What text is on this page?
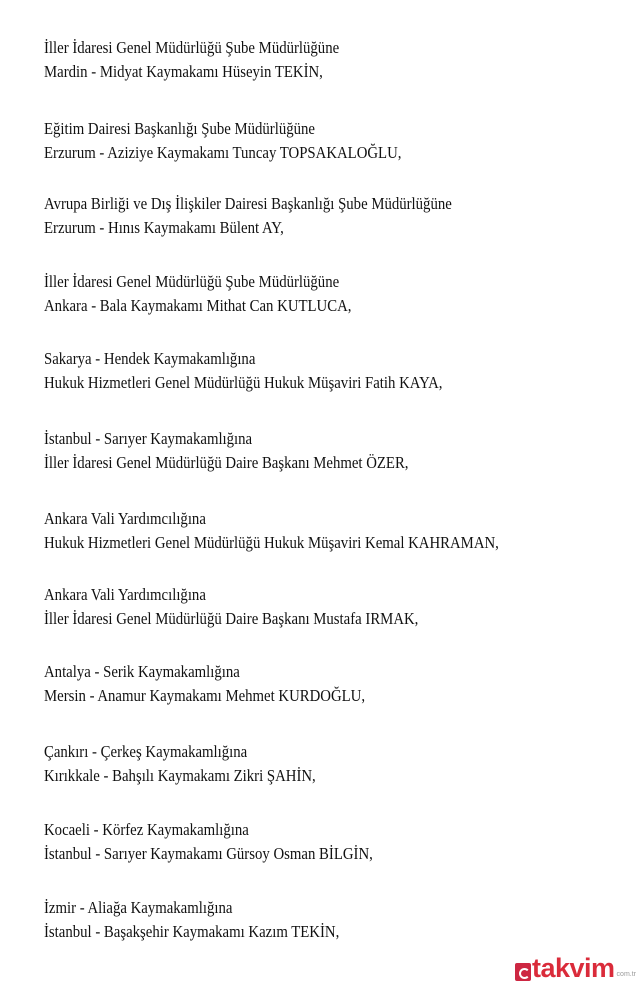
İller İdaresi Genel Müdürlüğü Şube Müdürlüğüne
Mardin - Midyat Kaymakamı Hüseyin TEKİN,
Eğitim Dairesi Başkanlığı Şube Müdürlüğüne
Erzurum - Aziziye Kaymakamı Tuncay TOPSAKALOĞLU,
Avrupa Birliği ve Dış İlişkiler Dairesi Başkanlığı Şube Müdürlüğüne
Erzurum - Hınıs Kaymakamı Bülent AY,
İller İdaresi Genel Müdürlüğü Şube Müdürlüğüne
Ankara - Bala Kaymakamı Mithat Can KUTLUCA,
Sakarya - Hendek Kaymakamlığına
Hukuk Hizmetleri Genel Müdürlüğü Hukuk Müşaviri Fatih KAYA,
İstanbul - Sarıyer Kaymakamlığına
İller İdaresi Genel Müdürlüğü Daire Başkanı Mehmet ÖZER,
Ankara Vali Yardımcılığına
Hukuk Hizmetleri Genel Müdürlüğü Hukuk Müşaviri Kemal KAHRAMAN,
Ankara Vali Yardımcılığına
İller İdaresi Genel Müdürlüğü Daire Başkanı Mustafa IRMAK,
Antalya - Serik Kaymakamlığına
Mersin - Anamur Kaymakamı Mehmet KURDOĞLU,
Çankırı - Çerkeş Kaymakamlığına
Kırıkkale - Bahşılı Kaymakamı Zikri ŞAHİN,
Kocaeli - Körfez Kaymakamlığına
İstanbul - Sarıyer Kaymakamı Gürsoy Osman BİLGİN,
İzmir - Aliağa Kaymakamlığına
İstanbul - Başakşehir Kaymakamı Kazım TEKİN,
takvim com.tr
